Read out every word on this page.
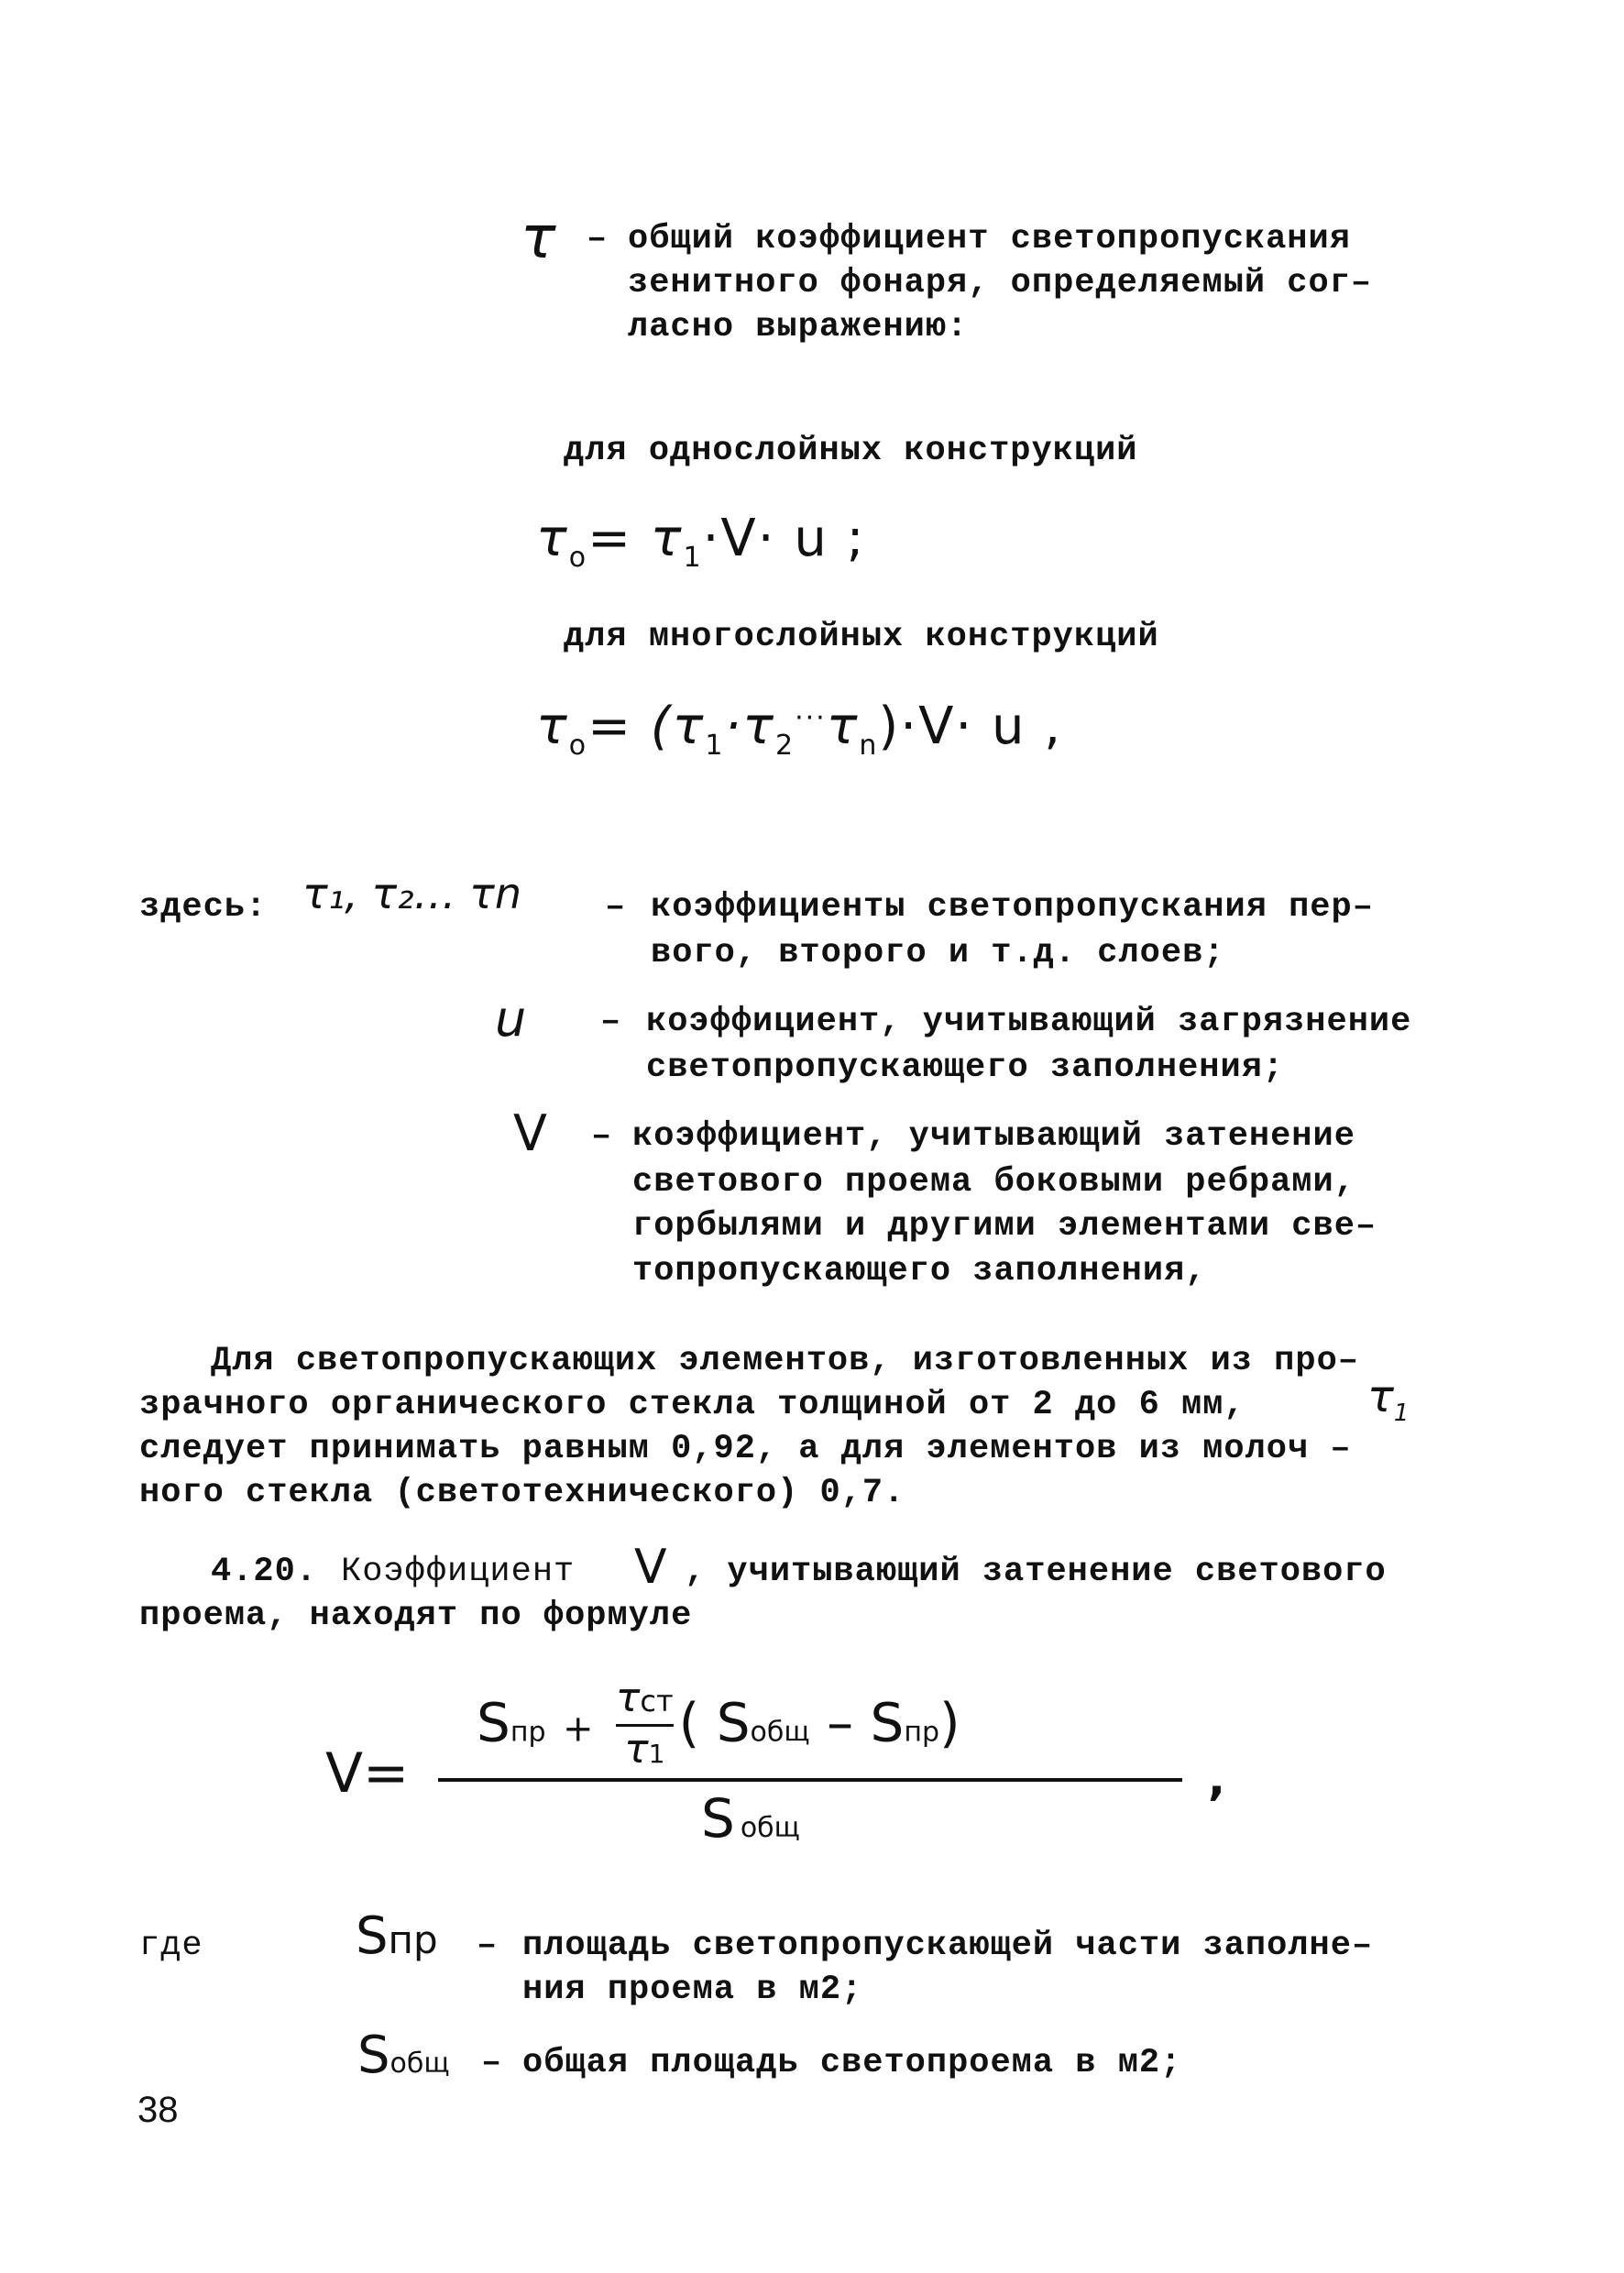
τ – общий коэффициент светопропускания
зенитного фонаря, определяемый сог–
ласно выражению:
для однослойных конструкций
$\tau_o= \tau_1\cdot V\cdot u$ ;
для многослойных конструкций
$\tau_o= (\tau_1\cdot\tau_2^{\cdot\cdot\cdot}\tau_n)\cdot V\cdot u$ ,
здесь: τ₁, τ₂… τn – коэффициенты светопропускания пер–
вого, второго и т.д. слоев;
u – коэффициент, учитывающий загрязнение
светопропускающего заполнения;
V – коэффициент, учитывающий затенение
светового проема боковыми ребрами,
горбылями и другими элементами све–
топропускающего заполнения,
Для светопропускающих элементов, изготовленных из про–
зрачного органического стекла толщиной от 2 до 6 мм,	$\tau_1$
следует принимать равным 0,92, а для элементов из молоч –
ного стекла (светотехнического) 0,7.
4.20. Коэффициент V , учитывающий затенение светового
проема, находят по формуле
V=
Sпр + $\frac{\text{τст}}{\tau 1}$ ( Sобщ – Sпр)
,
Sобщ
где	Sпр – площадь светопропускающей части заполне–
ния проема в м2;
Sобщ – общая площадь светопроема в м2;
38
